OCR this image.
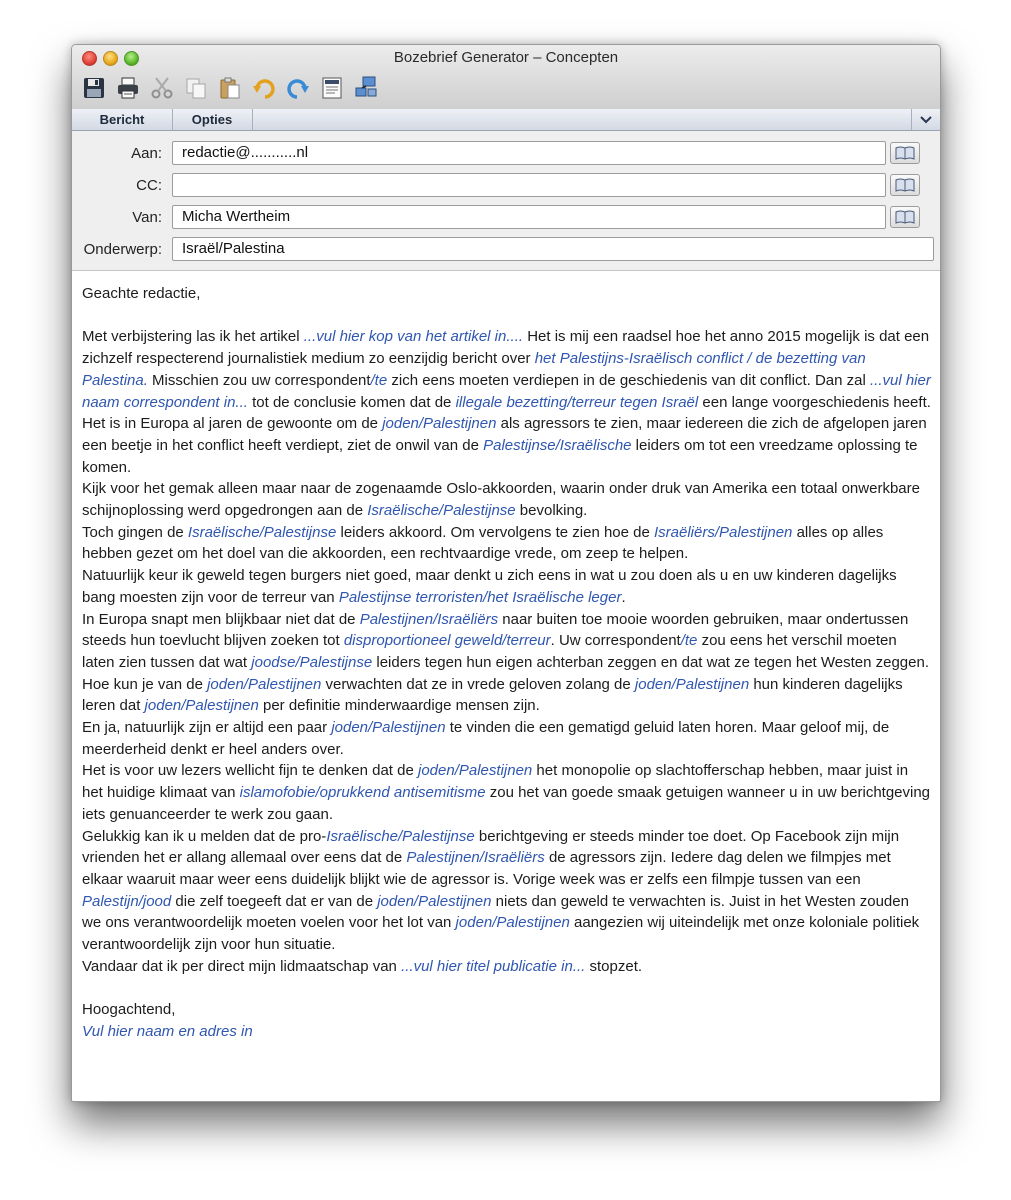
Bozebrief Generator – Concepten
Bericht	Opties
Aan:	redactie@...........nl
CC:
Van:	Micha Wertheim
Onderwerp:	Israël/Palestina

Geachte redactie,

Met verbijstering las ik het artikel ...vul hier kop van het artikel in.... Het is mij een raadsel hoe het anno 2015 mogelijk is dat een zichzelf respecterend journalistiek medium zo eenzijdig bericht over het Palestijns-Israëlisch conflict / de bezetting van Palestina. Misschien zou uw correspondent/te zich eens moeten verdiepen in de geschiedenis van dit conflict. Dan zal ...vul hier naam correspondent in... tot de conclusie komen dat de illegale bezetting/terreur tegen Israël een lange voorgeschiedenis heeft. Het is in Europa al jaren de gewoonte om de joden/Palestijnen als agressors te zien, maar iedereen die zich de afgelopen jaren een beetje in het conflict heeft verdiept, ziet de onwil van de Palestijnse/Israëlische leiders om tot een vreedzame oplossing te komen.

Kijk voor het gemak alleen maar naar de zogenaamde Oslo-akkoorden, waarin onder druk van Amerika een totaal onwerkbare schijnoplossing werd opgedrongen aan de Israëlische/Palestijnse bevolking.

Toch gingen de Israëlische/Palestijnse leiders akkoord. Om vervolgens te zien hoe de Israëliërs/Palestijnen alles op alles hebben gezet om het doel van die akkoorden, een rechtvaardige vrede, om zeep te helpen.

Natuurlijk keur ik geweld tegen burgers niet goed, maar denkt u zich eens in wat u zou doen als u en uw kinderen dagelijks bang moesten zijn voor de terreur van Palestijnse terroristen/het Israëlische leger.

In Europa snapt men blijkbaar niet dat de Palestijnen/Israëliërs naar buiten toe mooie woorden gebruiken, maar ondertussen steeds hun toevlucht blijven zoeken tot disproportioneel geweld/terreur. Uw correspondent/te zou eens het verschil moeten laten zien tussen dat wat joodse/Palestijnse leiders tegen hun eigen achterban zeggen en dat wat ze tegen het Westen zeggen. Hoe kun je van de joden/Palestijnen verwachten dat ze in vrede geloven zolang de joden/Palestijnen hun kinderen dagelijks leren dat joden/Palestijnen per definitie minderwaardige mensen zijn.

En ja, natuurlijk zijn er altijd een paar joden/Palestijnen te vinden die een gematigd geluid laten horen. Maar geloof mij, de meerderheid denkt er heel anders over.

Het is voor uw lezers wellicht fijn te denken dat de joden/Palestijnen het monopolie op slachtofferschap hebben, maar juist in het huidige klimaat van islamofobie/oprukkend antisemitisme zou het van goede smaak getuigen wanneer u in uw berichtgeving iets genuanceerder te werk zou gaan.

Gelukkig kan ik u melden dat de pro-Israëlische/Palestijnse berichtgeving er steeds minder toe doet. Op Facebook zijn mijn vrienden het er allang allemaal over eens dat de Palestijnen/Israëliërs de agressors zijn. Iedere dag delen we filmpjes met elkaar waaruit maar weer eens duidelijk blijkt wie de agressor is. Vorige week was er zelfs een filmpje tussen van een Palestijn/jood die zelf toegeeft dat er van de joden/Palestijnen niets dan geweld te verwachten is. Juist in het Westen zouden we ons verantwoordelijk moeten voelen voor het lot van joden/Palestijnen aangezien wij uiteindelijk met onze koloniale politiek verantwoordelijk zijn voor hun situatie.

Vandaar dat ik per direct mijn lidmaatschap van ...vul hier titel publicatie in... stopzet.

Hoogachtend,

Vul hier naam en adres in
